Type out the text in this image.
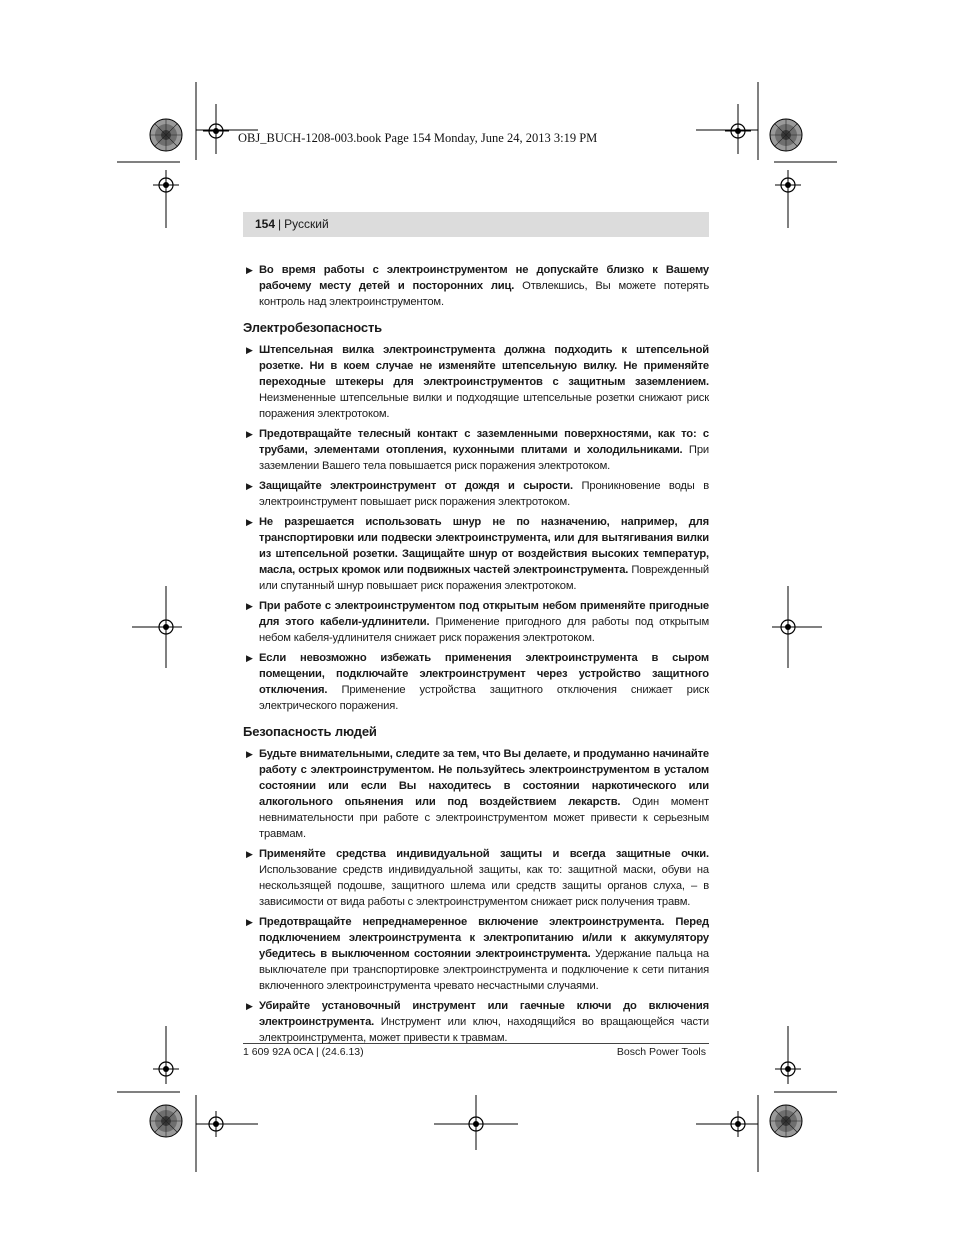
OBJ_BUCH-1208-003.book Page 154 Monday, June 24, 2013 3:19 PM
154 | Русский
▶ Во время работы с электроинструментом не допускайте близко к Вашему рабочему месту детей и посторонних лиц. Отвлекшись, Вы можете потерять контроль над электроинструментом.
Электробезопасность
▶ Штепсельная вилка электроинструмента должна подходить к штепсельной розетке. Ни в коем случае не изменяйте штепсельную вилку. Не применяйте переходные штекеры для электроинструментов с защитным заземлением. Неизмененные штепсельные вилки и подходящие штепсельные розетки снижают риск поражения электротоком.
▶ Предотвращайте телесный контакт с заземленными поверхностями, как то: с трубами, элементами отопления, кухонными плитами и холодильниками. При заземлении Вашего тела повышается риск поражения электротоком.
▶ Защищайте электроинструмент от дождя и сырости. Проникновение воды в электроинструмент повышает риск поражения электротоком.
▶ Не разрешается использовать шнур не по назначению, например, для транспортировки или подвески электроинструмента, или для вытягивания вилки из штепсельной розетки. Защищайте шнур от воздействия высоких температур, масла, острых кромок или подвижных частей электроинструмента. Поврежденный или спутанный шнур повышает риск поражения электротоком.
▶ При работе с электроинструментом под открытым небом применяйте пригодные для этого кабели-удлинители. Применение пригодного для работы под открытым небом кабеля-удлинителя снижает риск поражения электротоком.
▶ Если невозможно избежать применения электроинструмента в сыром помещении, подключайте электроинструмент через устройство защитного отключения. Применение устройства защитного отключения снижает риск электрического поражения.
Безопасность людей
▶ Будьте внимательными, следите за тем, что Вы делаете, и продуманно начинайте работу с электроинструментом. Не пользуйтесь электроинструментом в усталом состоянии или если Вы находитесь в состоянии наркотического или алкогольного опьянения или под воздействием лекарств. Один момент невнимательности при работе с электроинструментом может привести к серьезным травмам.
▶ Применяйте средства индивидуальной защиты и всегда защитные очки. Использование средств индивидуальной защиты, как то: защитной маски, обуви на нескользящей подошве, защитного шлема или средств защиты органов слуха, – в зависимости от вида работы с электроинструментом снижает риск получения травм.
▶ Предотвращайте непреднамеренное включение электроинструмента. Перед подключением электроинструмента к электропитанию и/или к аккумулятору убедитесь в выключенном состоянии электроинструмента. Удержание пальца на выключателе при транспортировке электроинструмента и подключение к сети питания включенного электроинструмента чревато несчастными случаями.
▶ Убирайте установочный инструмент или гаечные ключи до включения электроинструмента. Инструмент или ключ, находящийся во вращающейся части электроинструмента, может привести к травмам.
1 609 92A 0CA | (24.6.13)	Bosch Power Tools
